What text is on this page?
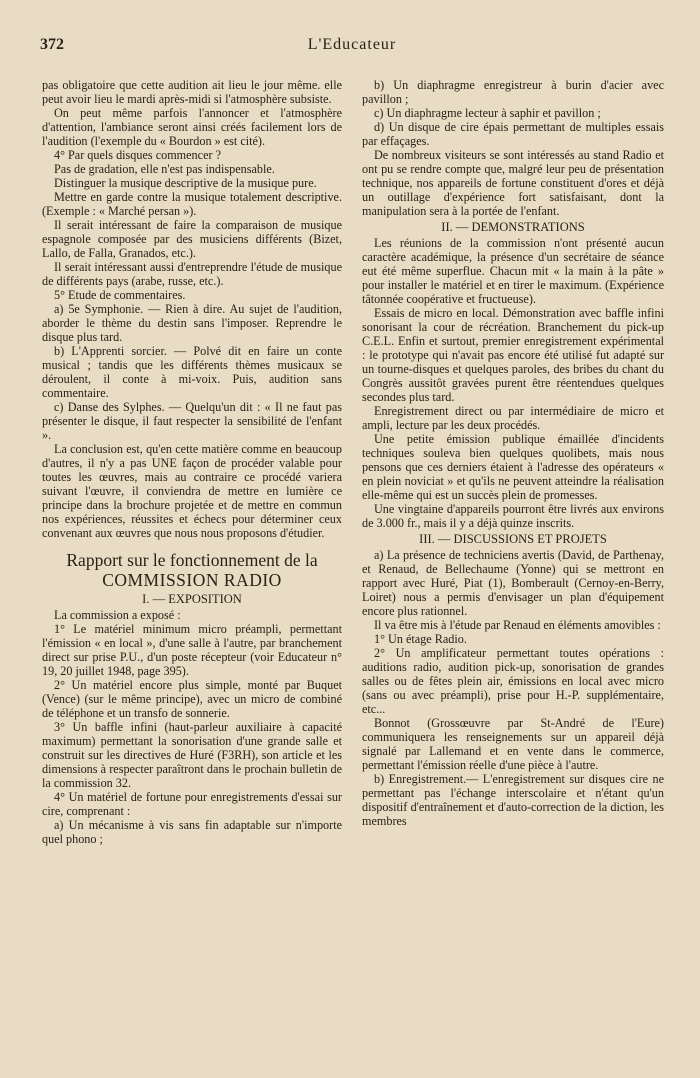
372	L'Educateur

pas obligatoire que cette audition ait lieu le jour même. elle peut avoir lieu le mardi après-midi si l'atmosphère subsiste.

On peut même parfois l'annoncer et l'atmosphère d'attention, l'ambiance seront ainsi créés facilement lors de l'audition (l'exemple du « Bourdon » est cité).

4° Par quels disques commencer ?

Pas de gradation, elle n'est pas indispensable.

Distinguer la musique descriptive de la musique pure.

Mettre en garde contre la musique totalement descriptive. (Exemple : « Marché persan »).

Il serait intéressant de faire la comparaison de musique espagnole composée par des musiciens différents (Bizet, Lallo, de Falla, Granados, etc.).

Il serait intéressant aussi d'entreprendre l'étude de musique de différents pays (arabe, russe, etc.).

5° Etude de commentaires.

a) 5e Symphonie. — Rien à dire. Au sujet de l'audition, aborder le thème du destin sans l'imposer. Reprendre le disque plus tard.

b) L'Apprenti sorcier. — Polvé dit en faire un conte musical ; tandis que les différents thèmes musicaux se déroulent, il conte à mi-voix. Puis, audition sans commentaire.

c) Danse des Sylphes. — Quelqu'un dit : « Il ne faut pas présenter le disque, il faut respecter la sensibilité de l'enfant ».

La conclusion est, qu'en cette matière comme en beaucoup d'autres, il n'y a pas UNE façon de procéder valable pour toutes les œuvres, mais au contraire ce procédé variera suivant l'œuvre, il conviendra de mettre en lumière ce principe dans la brochure projetée et de mettre en commun nos expériences, réussites et échecs pour déterminer ceux convenant aux œuvres que nous nous proposons d'étudier.

Rapport sur le fonctionnement de la
COMMISSION RADIO
I. — EXPOSITION

La commission a exposé :

1° Le matériel minimum micro préampli, permettant l'émission « en local », d'une salle à l'autre, par branchement direct sur prise P.U., d'un poste récepteur (voir Educateur n° 19, 20 juillet 1948, page 395).

2° Un matériel encore plus simple, monté par Buquet (Vence) (sur le même principe), avec un micro de combiné de téléphone et un transfo de sonnerie.

3° Un baffle infini (haut-parleur auxiliaire à capacité maximum) permettant la sonorisation d'une grande salle et construit sur les directives de Huré (F3RH), son article et les dimensions à respecter paraîtront dans le prochain bulletin de la commission 32.

4° Un matériel de fortune pour enregistrements d'essai sur cire, comprenant :

a) Un mécanisme à vis sans fin adaptable sur n'importe quel phono ;

b) Un diaphragme enregistreur à burin d'acier avec pavillon ;

c) Un diaphragme lecteur à saphir et pavillon ;

d) Un disque de cire épais permettant de multiples essais par effaçages.

De nombreux visiteurs se sont intéressés au stand Radio et ont pu se rendre compte que, malgré leur peu de présentation technique, nos appareils de fortune constituent d'ores et déjà un outillage d'expérience fort satisfaisant, dont la manipulation sera à la portée de l'enfant.

II. — DEMONSTRATIONS

Les réunions de la commission n'ont présenté aucun caractère académique, la présence d'un secrétaire de séance eut été même superflue. Chacun mit « la main à la pâte » pour installer le matériel et en tirer le maximum. (Expérience tâtonnée coopérative et fructueuse).

Essais de micro en local. Démonstration avec baffle infini sonorisant la cour de récréation. Branchement du pick-up C.E.L. Enfin et surtout, premier enregistrement expérimental : le prototype qui n'avait pas encore été utilisé fut adapté sur un tourne-disques et quelques paroles, des bribes du chant du Congrès aussitôt gravées purent être réentendues quelques secondes plus tard.

Enregistrement direct ou par intermédiaire de micro et ampli, lecture par les deux procédés.

Une petite émission publique émaillée d'incidents techniques souleva bien quelques quolibets, mais nous pensons que ces derniers étaient à l'adresse des opérateurs « en plein noviciat » et qu'ils ne peuvent atteindre la réalisation elle-même qui est un succès plein de promesses.

Une vingtaine d'appareils pourront être livrés aux environs de 3.000 fr., mais il y a déjà quinze inscrits.

III. — DISCUSSIONS ET PROJETS

a) La présence de techniciens avertis (David, de Parthenay, et Renaud, de Bellechaume (Yonne) qui se mettront en rapport avec Huré, Piat (1), Bomberault (Cernoy-en-Berry, Loiret) nous a permis d'envisager un plan d'équipement encore plus rationnel.

Il va être mis à l'étude par Renaud en éléments amovibles :

1° Un étage Radio.

2° Un amplificateur permettant toutes opérations : auditions radio, audition pick-up, sonorisation de grandes salles ou de fêtes plein air, émissions en local avec micro (sans ou avec préampli), prise pour H.-P. supplémentaire, etc...

Bonnot (Grossœuvre par St-André de l'Eure) communiquera les renseignements sur un appareil déjà signalé par Lallemand et en vente dans le commerce, permettant l'émission réelle d'une pièce à l'autre.

b) Enregistrement.— L'enregistrement sur disques cire ne permettant pas l'échange interscolaire et n'étant qu'un dispositif d'entraînement et d'auto-correction de la diction, les membres
